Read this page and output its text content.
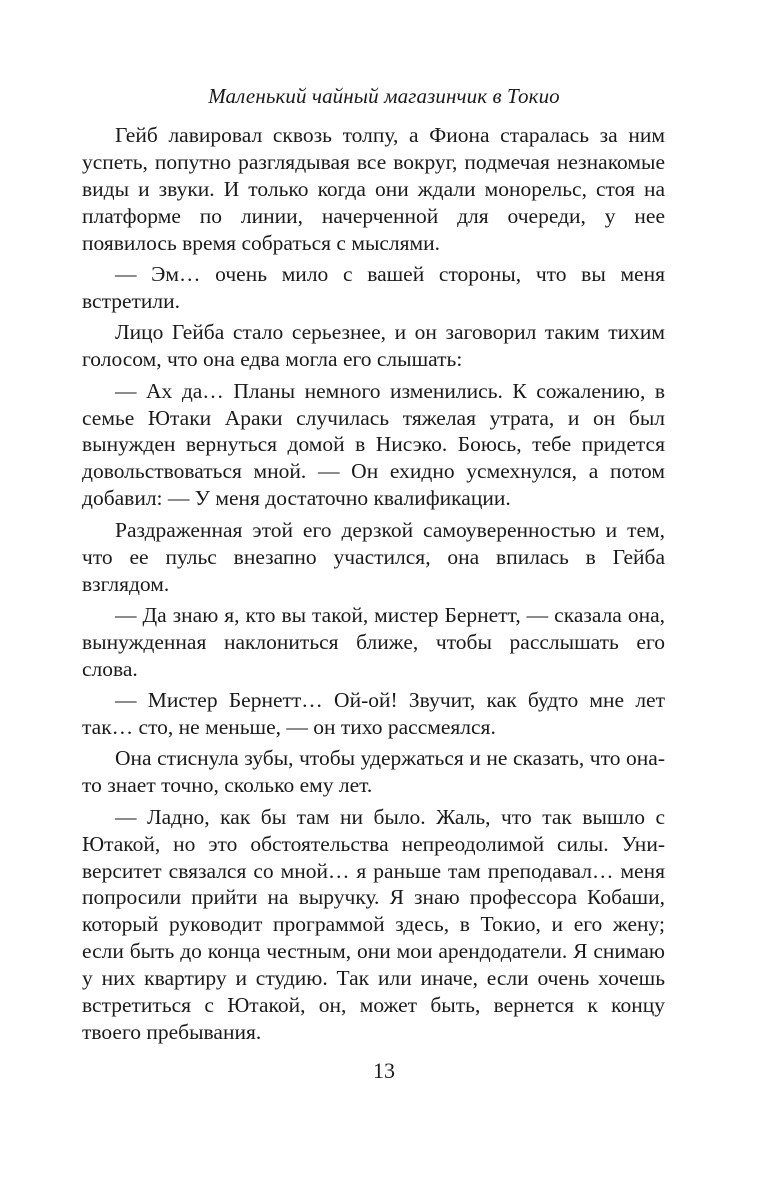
Маленький чайный магазинчик в Токио

Гейб лавировал сквозь толпу, а Фиона старалась за ним успеть, попутно разглядывая все вокруг, подмечая незнакомые виды и звуки. И только когда они ждали монорельс, стоя на платформе по линии, начерченной для очереди, у нее появилось время собраться с мыслями.

— Эм… очень мило с вашей стороны, что вы меня встретили.

Лицо Гейба стало серьезнее, и он заговорил таким тихим голосом, что она едва могла его слышать:

— Ах да… Планы немного изменились. К сожалению, в семье Ютаки Араки случилась тяжелая утрата, и он был вынужден вернуться домой в Нисэко. Боюсь, тебе придется довольствоваться мной. — Он ехидно усмехнулся, а потом добавил: — У меня достаточно квалификации.

Раздраженная этой его дерзкой самоуверенностью и тем, что ее пульс внезапно участился, она впилась в Гейба взглядом.

— Да знаю я, кто вы такой, мистер Бернетт, — сказала она, вынужденная наклониться ближе, чтобы расслышать его слова.

— Мистер Бернетт… Ой-ой! Звучит, как будто мне лет так… сто, не меньше, — он тихо рассмеялся.

Она стиснула зубы, чтобы удержаться и не сказать, что она-то знает точно, сколько ему лет.

— Ладно, как бы там ни было. Жаль, что так вышло с Ютакой, но это обстоятельства непреодолимой силы. Университет связался со мной… я раньше там преподавал… меня попросили прийти на выручку. Я знаю профессора Кобаши, который руководит программой здесь, в Токио, и его жену; если быть до конца честным, они мои арендодатели. Я снимаю у них квартиру и студию. Так или иначе, если очень хочешь встретиться с Ютакой, он, может быть, вернется к концу твоего пребывания.

13
